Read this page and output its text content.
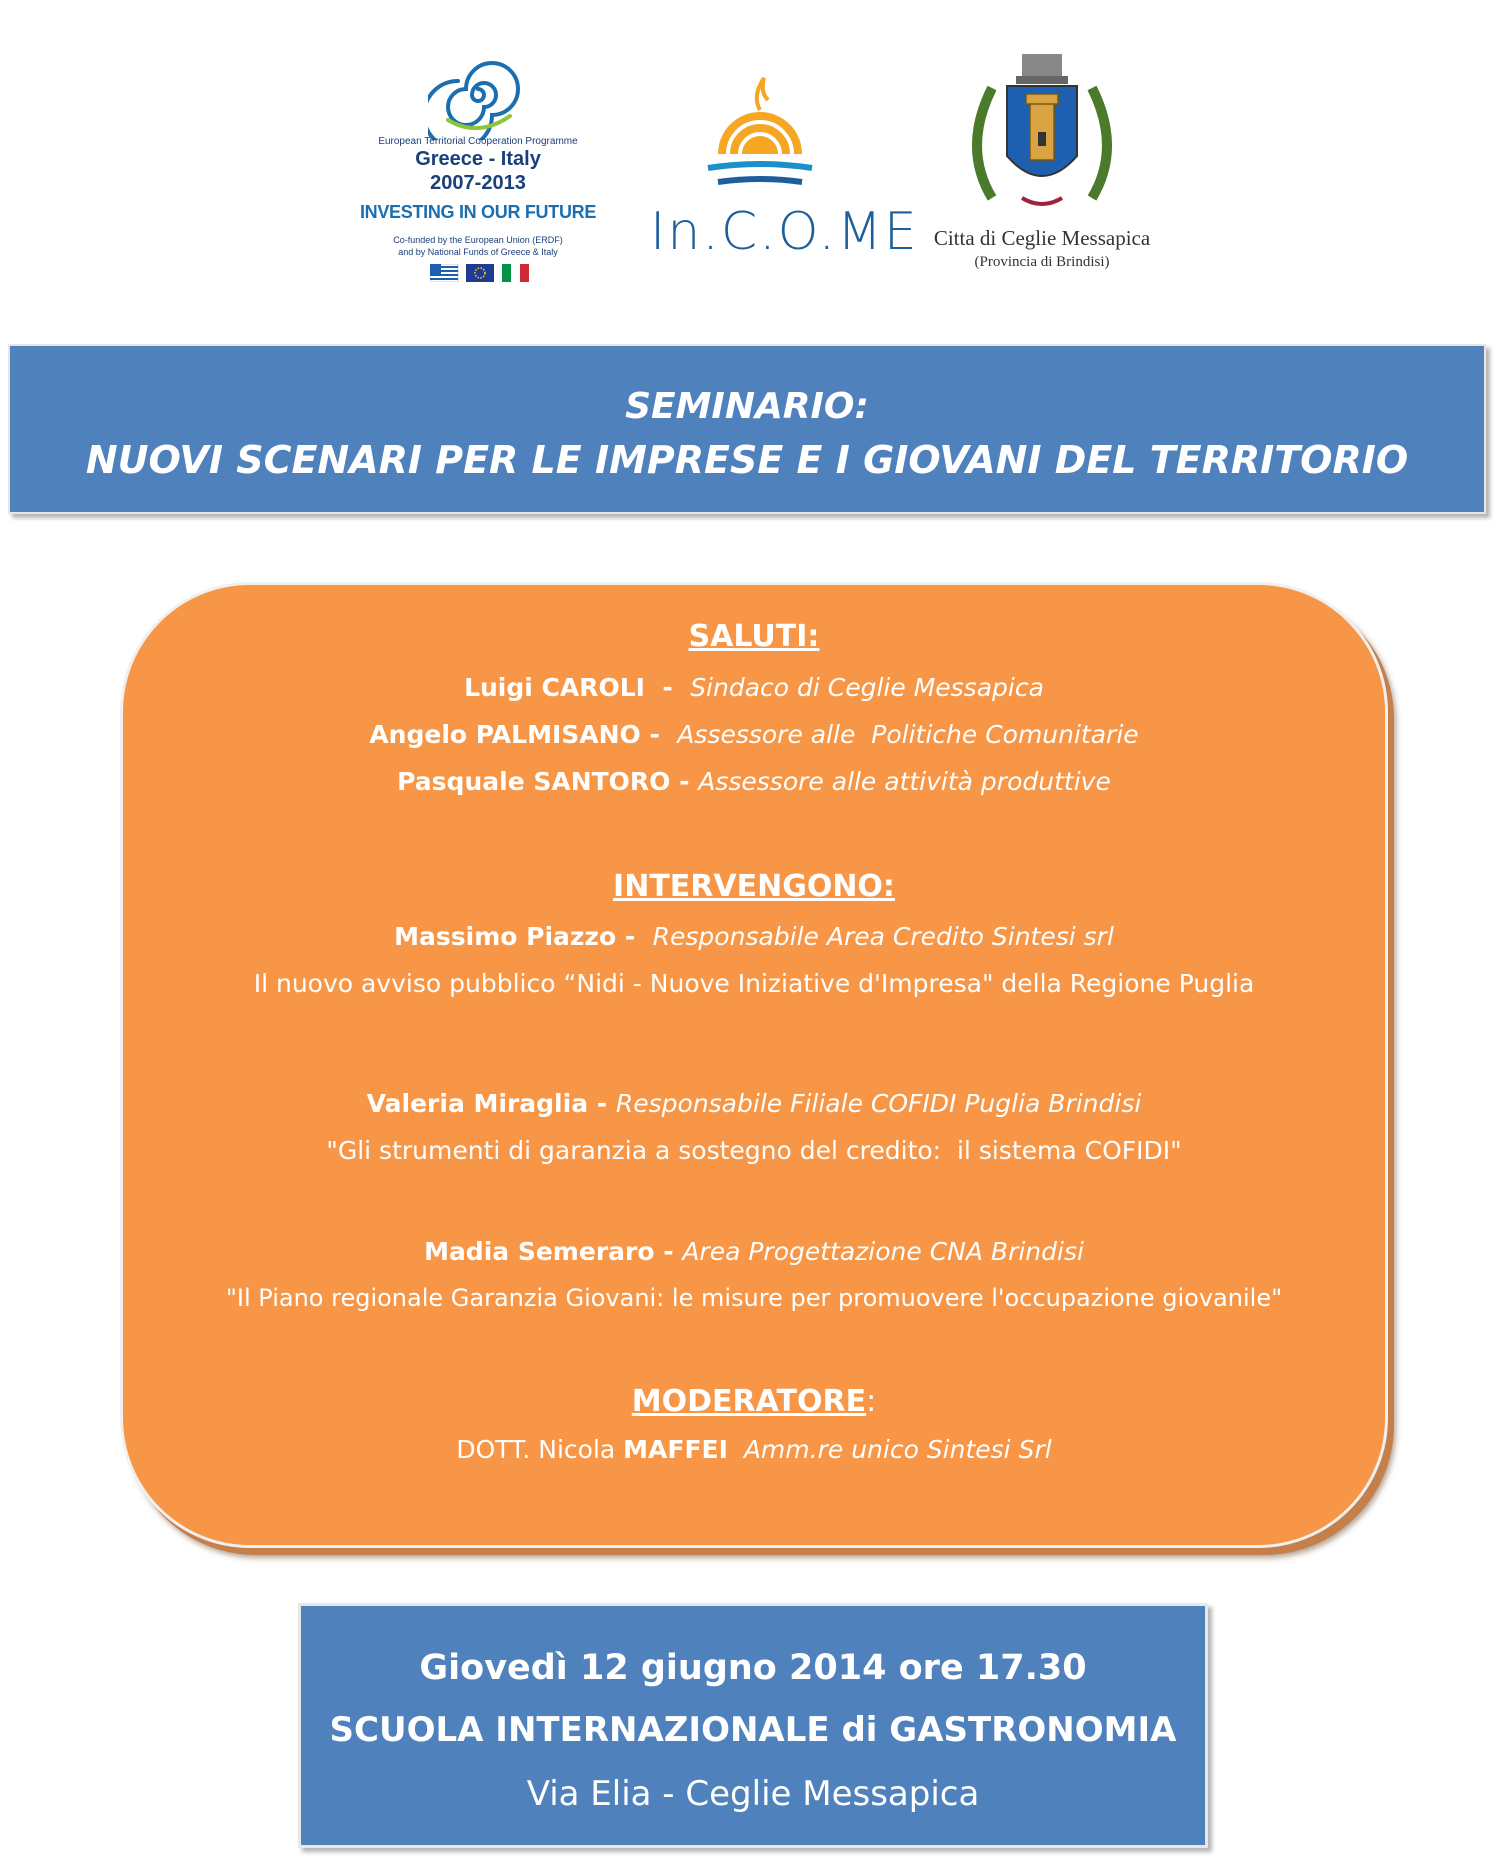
European Territorial Cooperation Programme
Greece - Italy
2007-2013
INVESTING IN OUR FUTURE
Co-funded by the European Union (ERDF)
and by National Funds of Greece & Italy	In.C.O.ME Citta di Ceglie Messapica
(Provincia di Brindisi)
SEMINARIO:
NUOVI SCENARI PER LE IMPRESE E I GIOVANI DEL TERRITORIO
SALUTI:
Luigi CAROLI  -  Sindaco di Ceglie Messapica
Angelo PALMISANO -  Assessore alle  Politiche Comunitarie
Pasquale SANTORO - Assessore alle attività produttive
INTERVENGONO:
Massimo Piazzo -  Responsabile Area Credito Sintesi srl
Il nuovo avviso pubblico “Nidi - Nuove Iniziative d'Impresa" della Regione Puglia
Valeria Miraglia - Responsabile Filiale COFIDI Puglia Brindisi
"Gli strumenti di garanzia a sostegno del credito:  il sistema COFIDI"
Madia Semeraro - Area Progettazione CNA Brindisi
"Il Piano regionale Garanzia Giovani: le misure per promuovere l'occupazione giovanile"
MODERATORE:
DOTT. Nicola MAFFEI  Amm.re unico Sintesi Srl
Giovedì 12 giugno 2014 ore 17.30
SCUOLA INTERNAZIONALE di GASTRONOMIA
Via Elia - Ceglie Messapica
